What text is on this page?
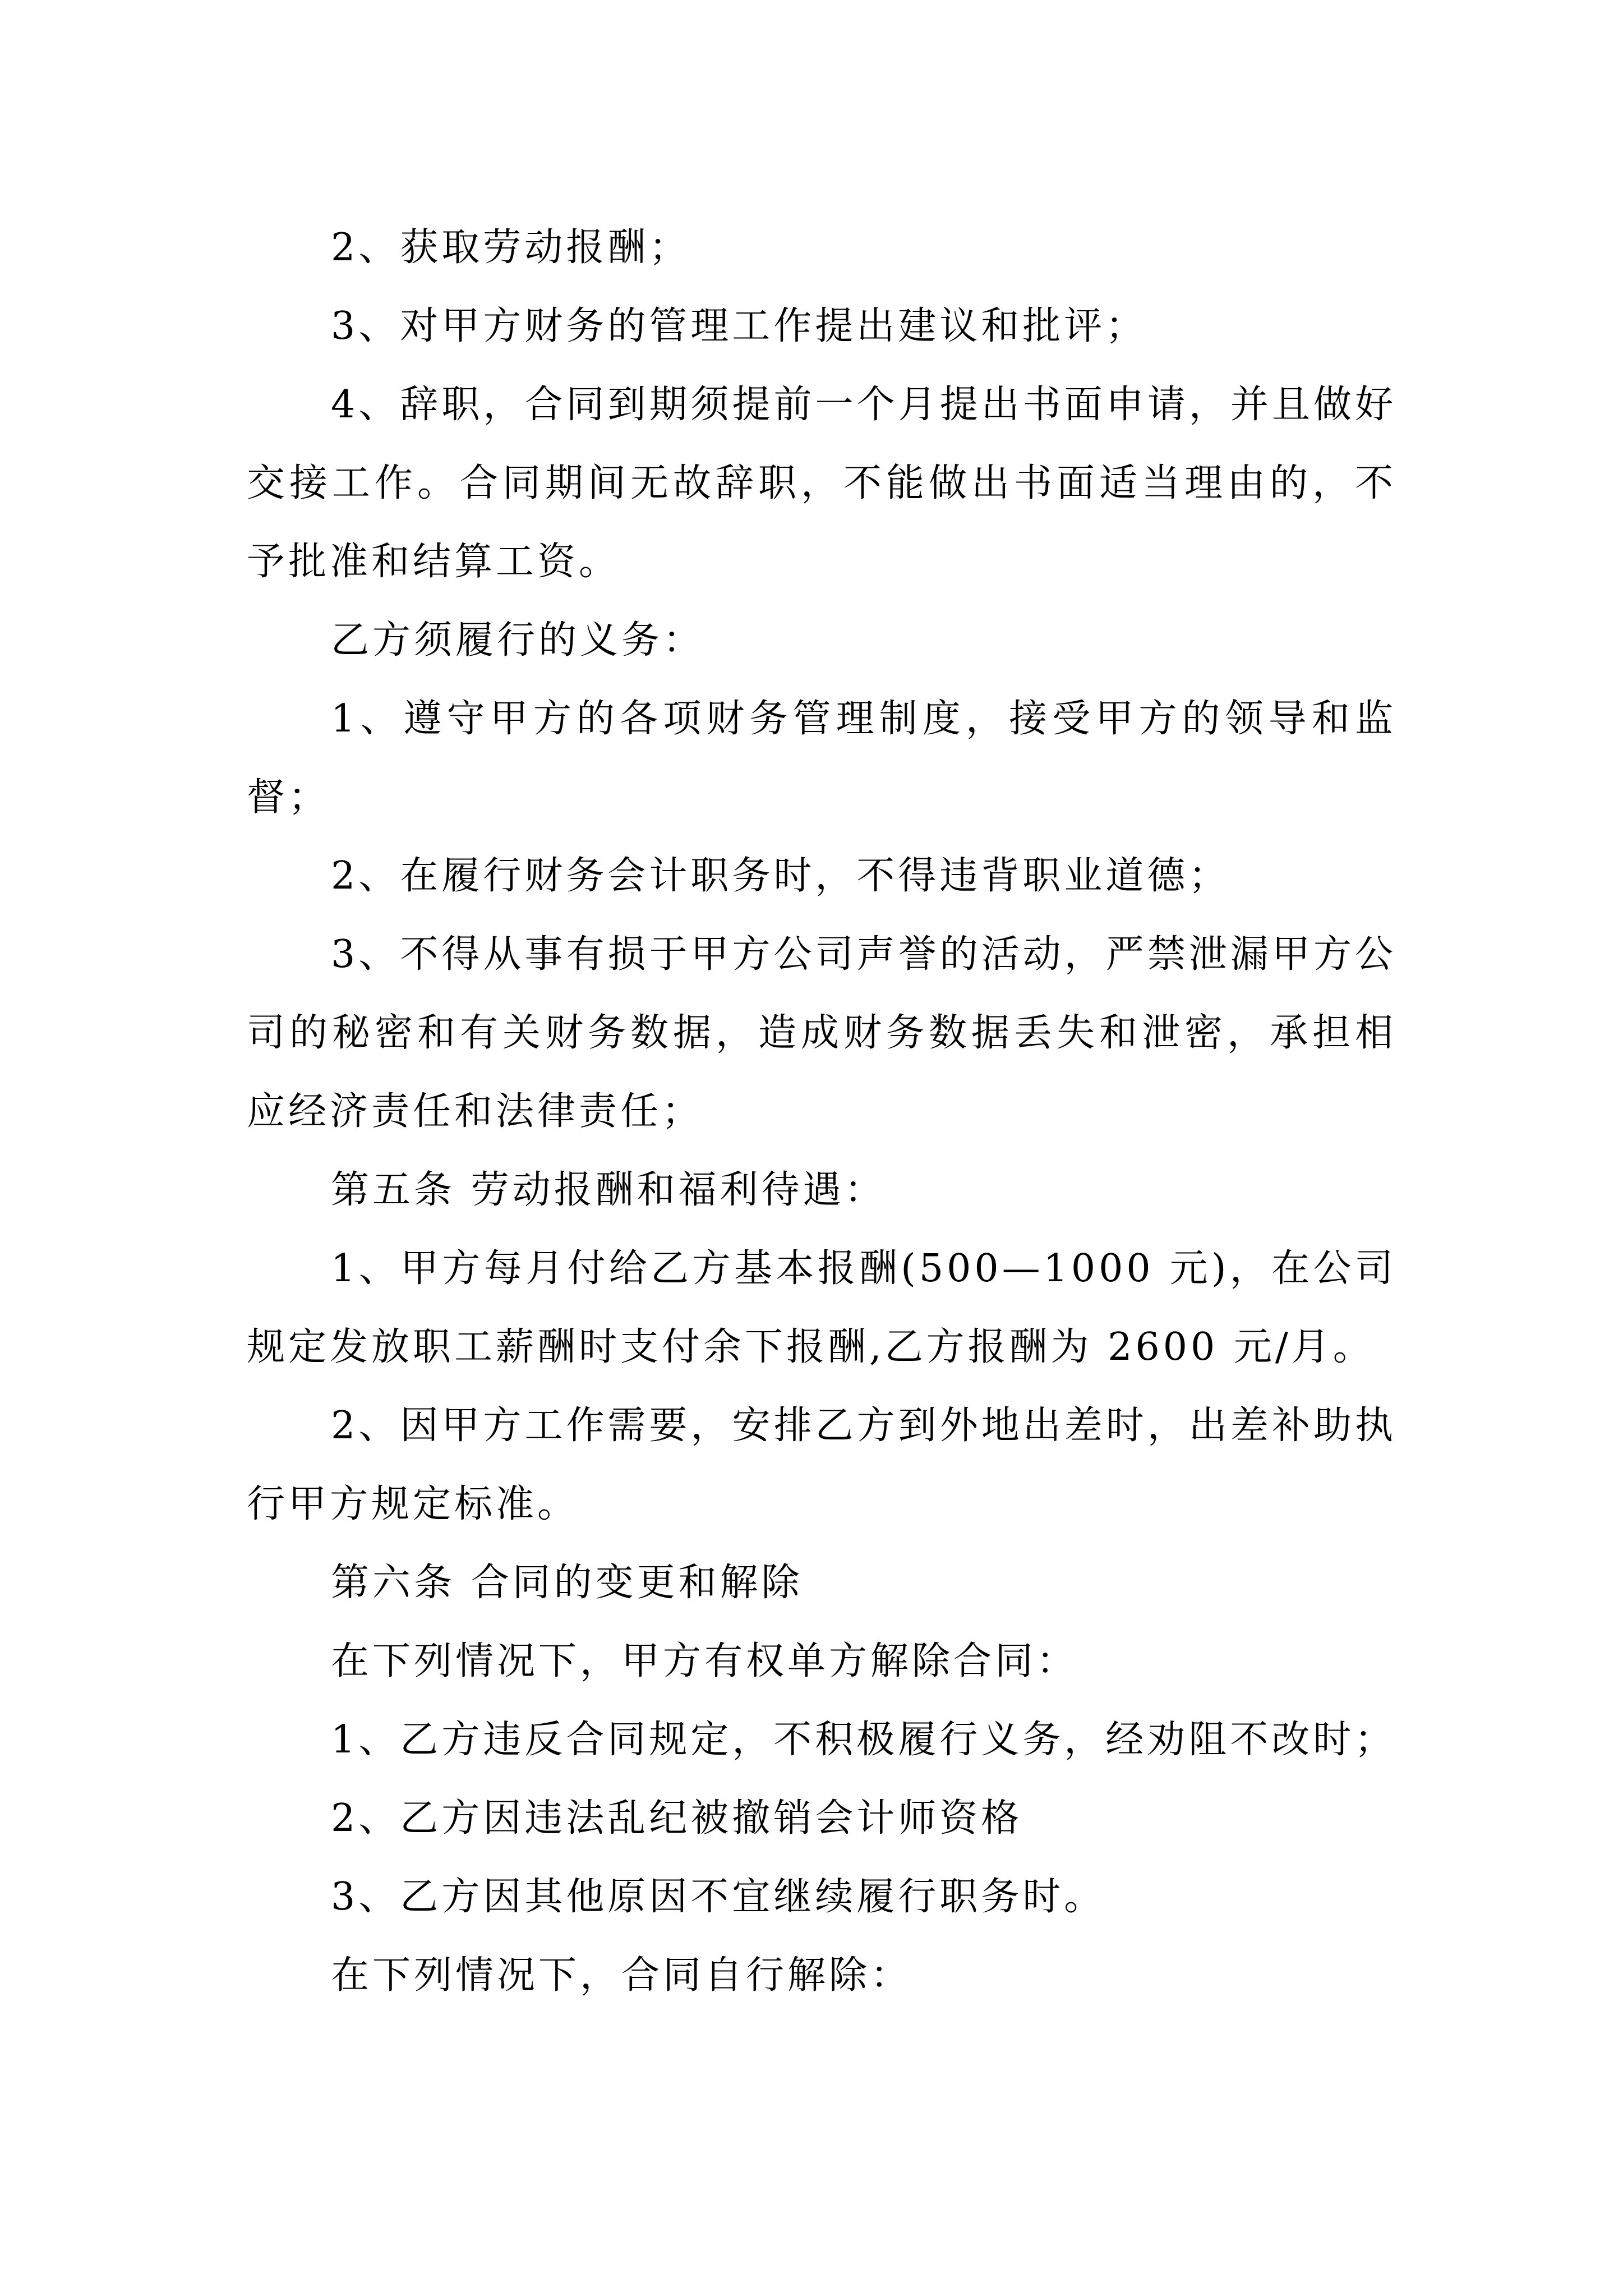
2、获取劳动报酬；

3、对甲方财务的管理工作提出建议和批评；

4、辞职，合同到期须提前一个月提出书面申请，并且做好交接工作。合同期间无故辞职，不能做出书面适当理由的，不予批准和结算工资。

乙方须履行的义务：

1、遵守甲方的各项财务管理制度，接受甲方的领导和监督；

2、在履行财务会计职务时，不得违背职业道德；

3、不得从事有损于甲方公司声誉的活动，严禁泄漏甲方公司的秘密和有关财务数据，造成财务数据丢失和泄密，承担相应经济责任和法律责任；

第五条 劳动报酬和福利待遇：

1、甲方每月付给乙方基本报酬(500—1000 元)，在公司规定发放职工薪酬时支付余下报酬,乙方报酬为 2600 元/月。

2、因甲方工作需要，安排乙方到外地出差时，出差补助执行甲方规定标准。

第六条 合同的变更和解除

在下列情况下，甲方有权单方解除合同：

1、乙方违反合同规定，不积极履行义务，经劝阻不改时；

2、乙方因违法乱纪被撤销会计师资格

3、乙方因其他原因不宜继续履行职务时。

在下列情况下，合同自行解除：
